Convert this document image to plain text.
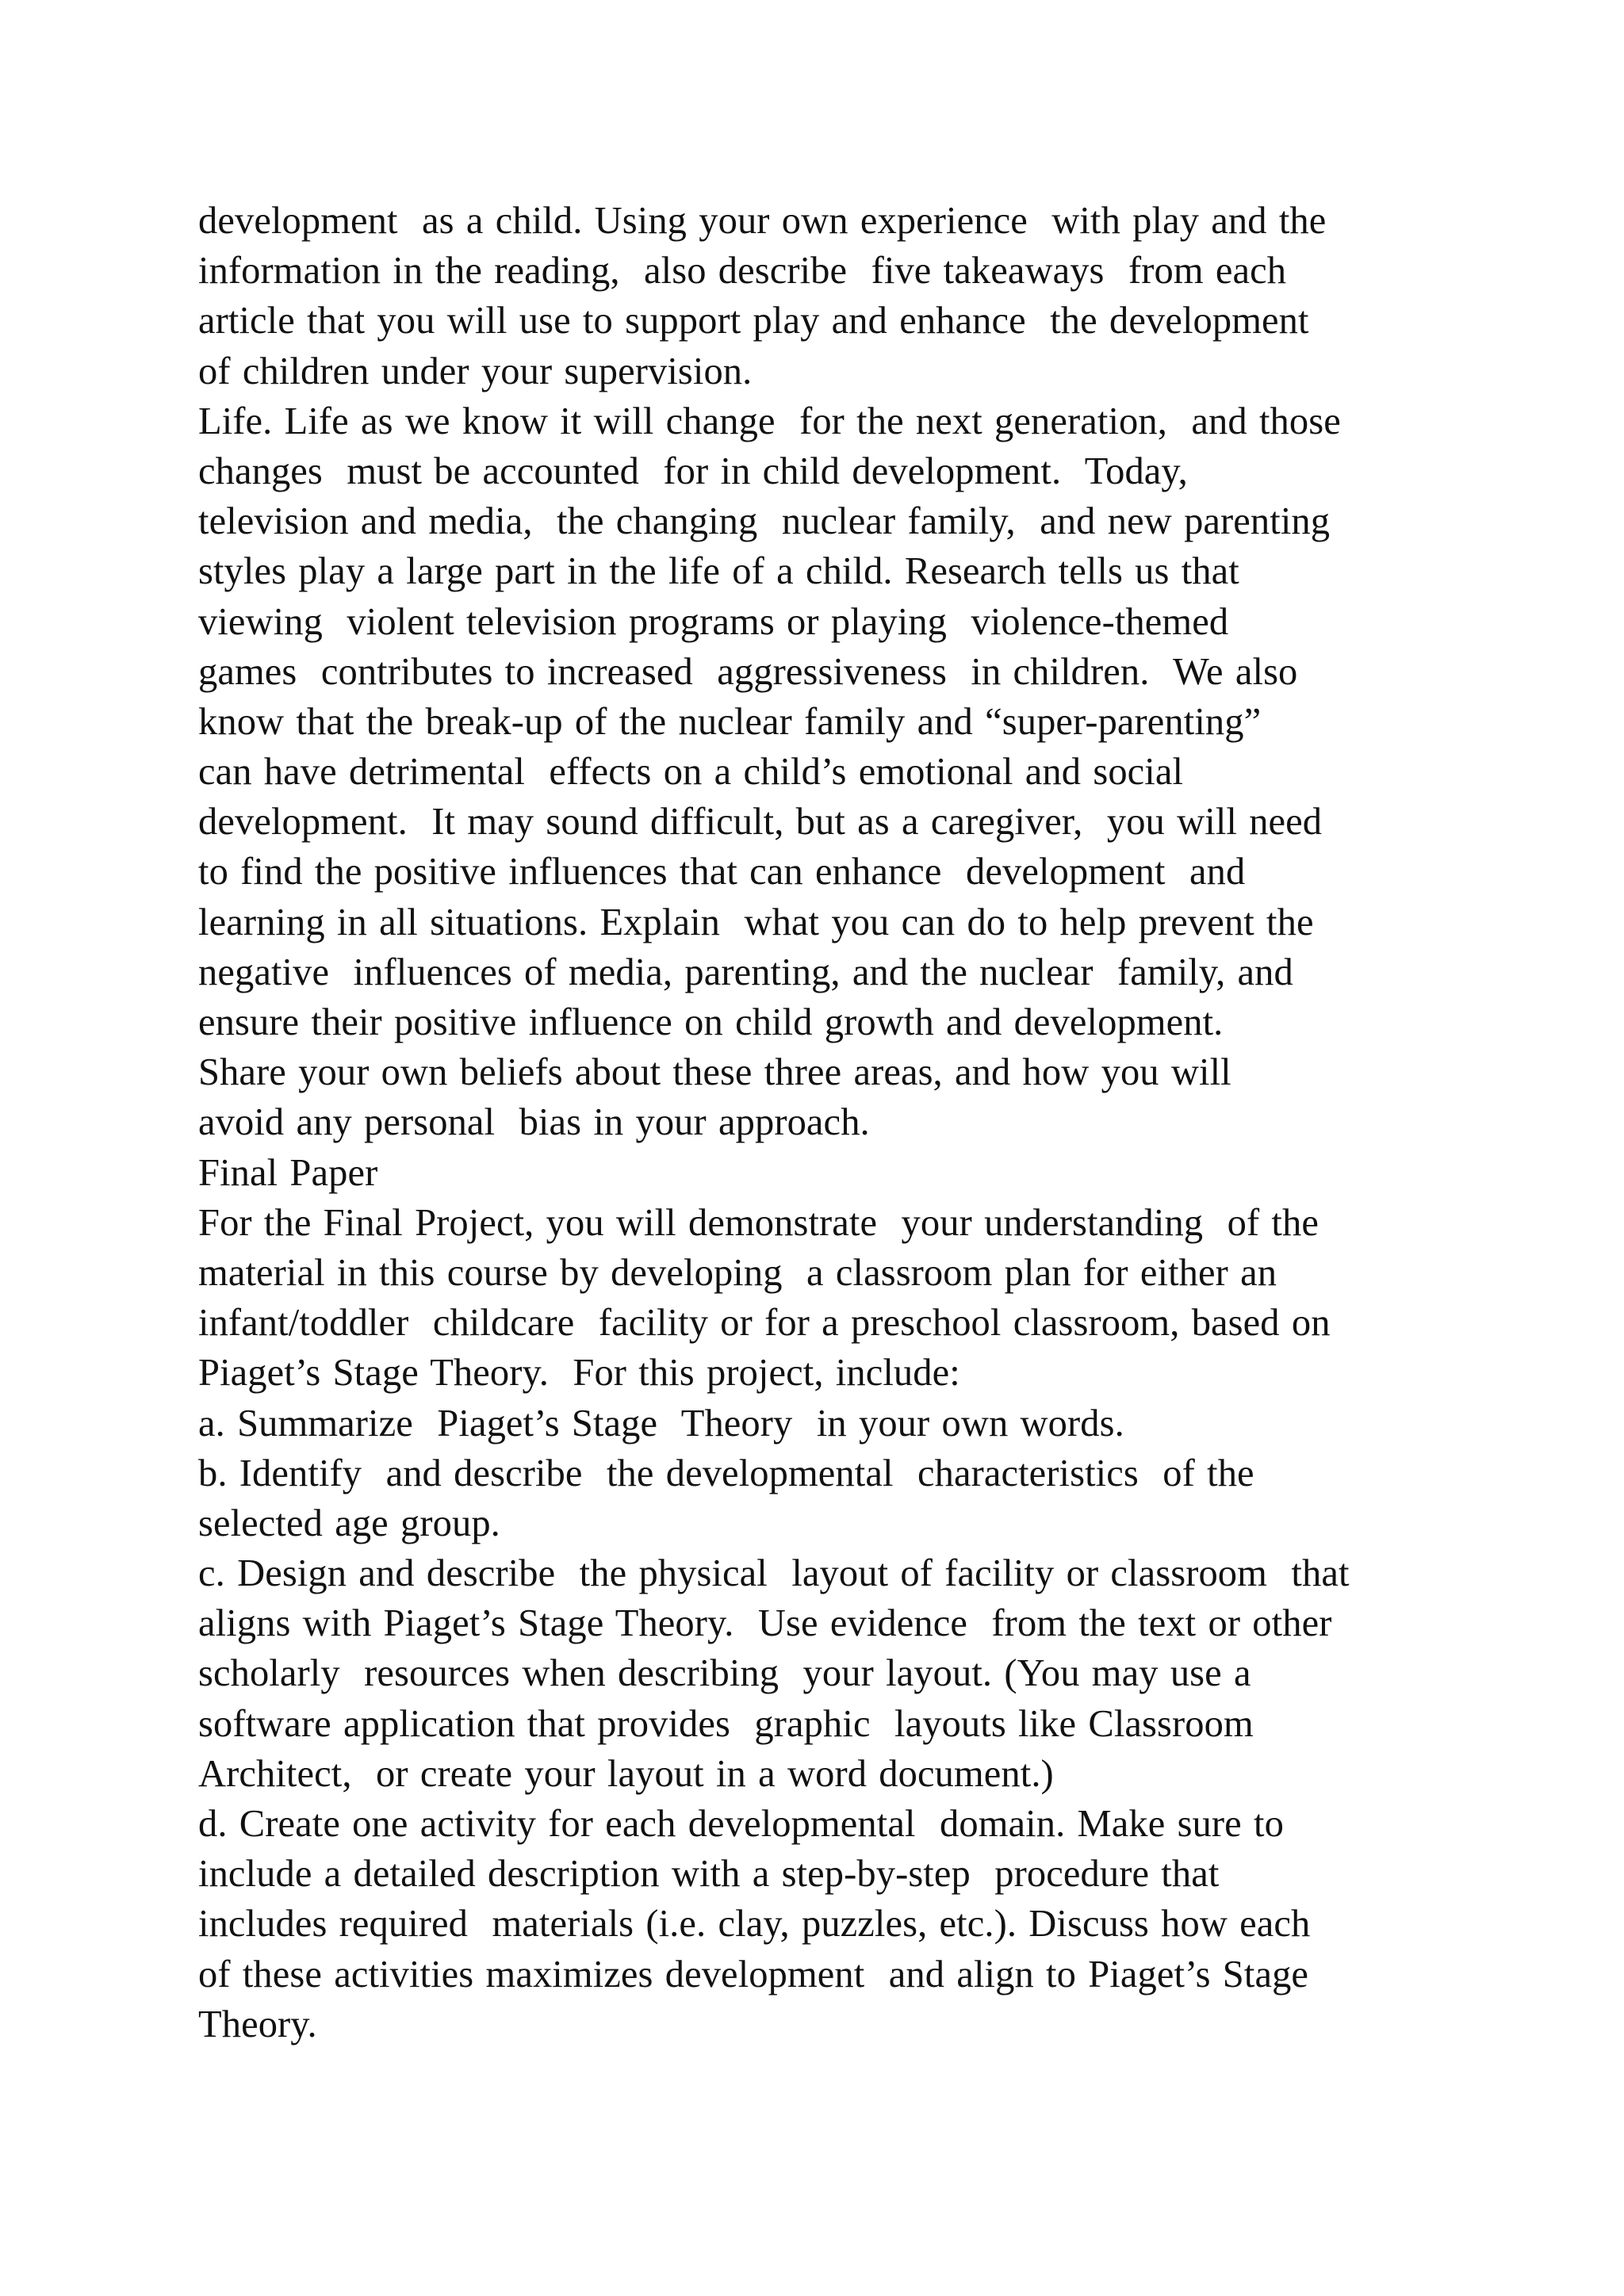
development  as a child. Using your own experience  with play and the
information in the reading,  also describe  five takeaways  from each
article that you will use to support play and enhance  the development
of children under your supervision.
Life. Life as we know it will change  for the next generation,  and those
changes  must be accounted  for in child development.  Today,
television and media,  the changing  nuclear family,  and new parenting
styles play a large part in the life of a child. Research tells us that
viewing  violent television programs or playing  violence-themed
games  contributes to increased  aggressiveness  in children.  We also
know that the break-up of the nuclear family and “super-parenting”
can have detrimental  effects on a child’s emotional and social
development.  It may sound difficult, but as a caregiver,  you will need
to find the positive influences that can enhance  development  and
learning in all situations. Explain  what you can do to help prevent the
negative  influences of media, parenting, and the nuclear  family, and
ensure their positive influence on child growth and development.
Share your own beliefs about these three areas, and how you will
avoid any personal  bias in your approach.
Final Paper
For the Final Project, you will demonstrate  your understanding  of the
material in this course by developing  a classroom plan for either an
infant/toddler  childcare  facility or for a preschool classroom, based on
Piaget’s Stage Theory.  For this project, include:
a. Summarize  Piaget’s Stage  Theory  in your own words.
b. Identify  and describe  the developmental  characteristics  of the
selected age group.
c. Design and describe  the physical  layout of facility or classroom  that
aligns with Piaget’s Stage Theory.  Use evidence  from the text or other
scholarly  resources when describing  your layout. (You may use a
software application that provides  graphic  layouts like Classroom
Architect,  or create your layout in a word document.)
d. Create one activity for each developmental  domain. Make sure to
include a detailed description with a step-by-step  procedure that
includes required  materials (i.e. clay, puzzles, etc.). Discuss how each
of these activities maximizes development  and align to Piaget’s Stage
Theory.
